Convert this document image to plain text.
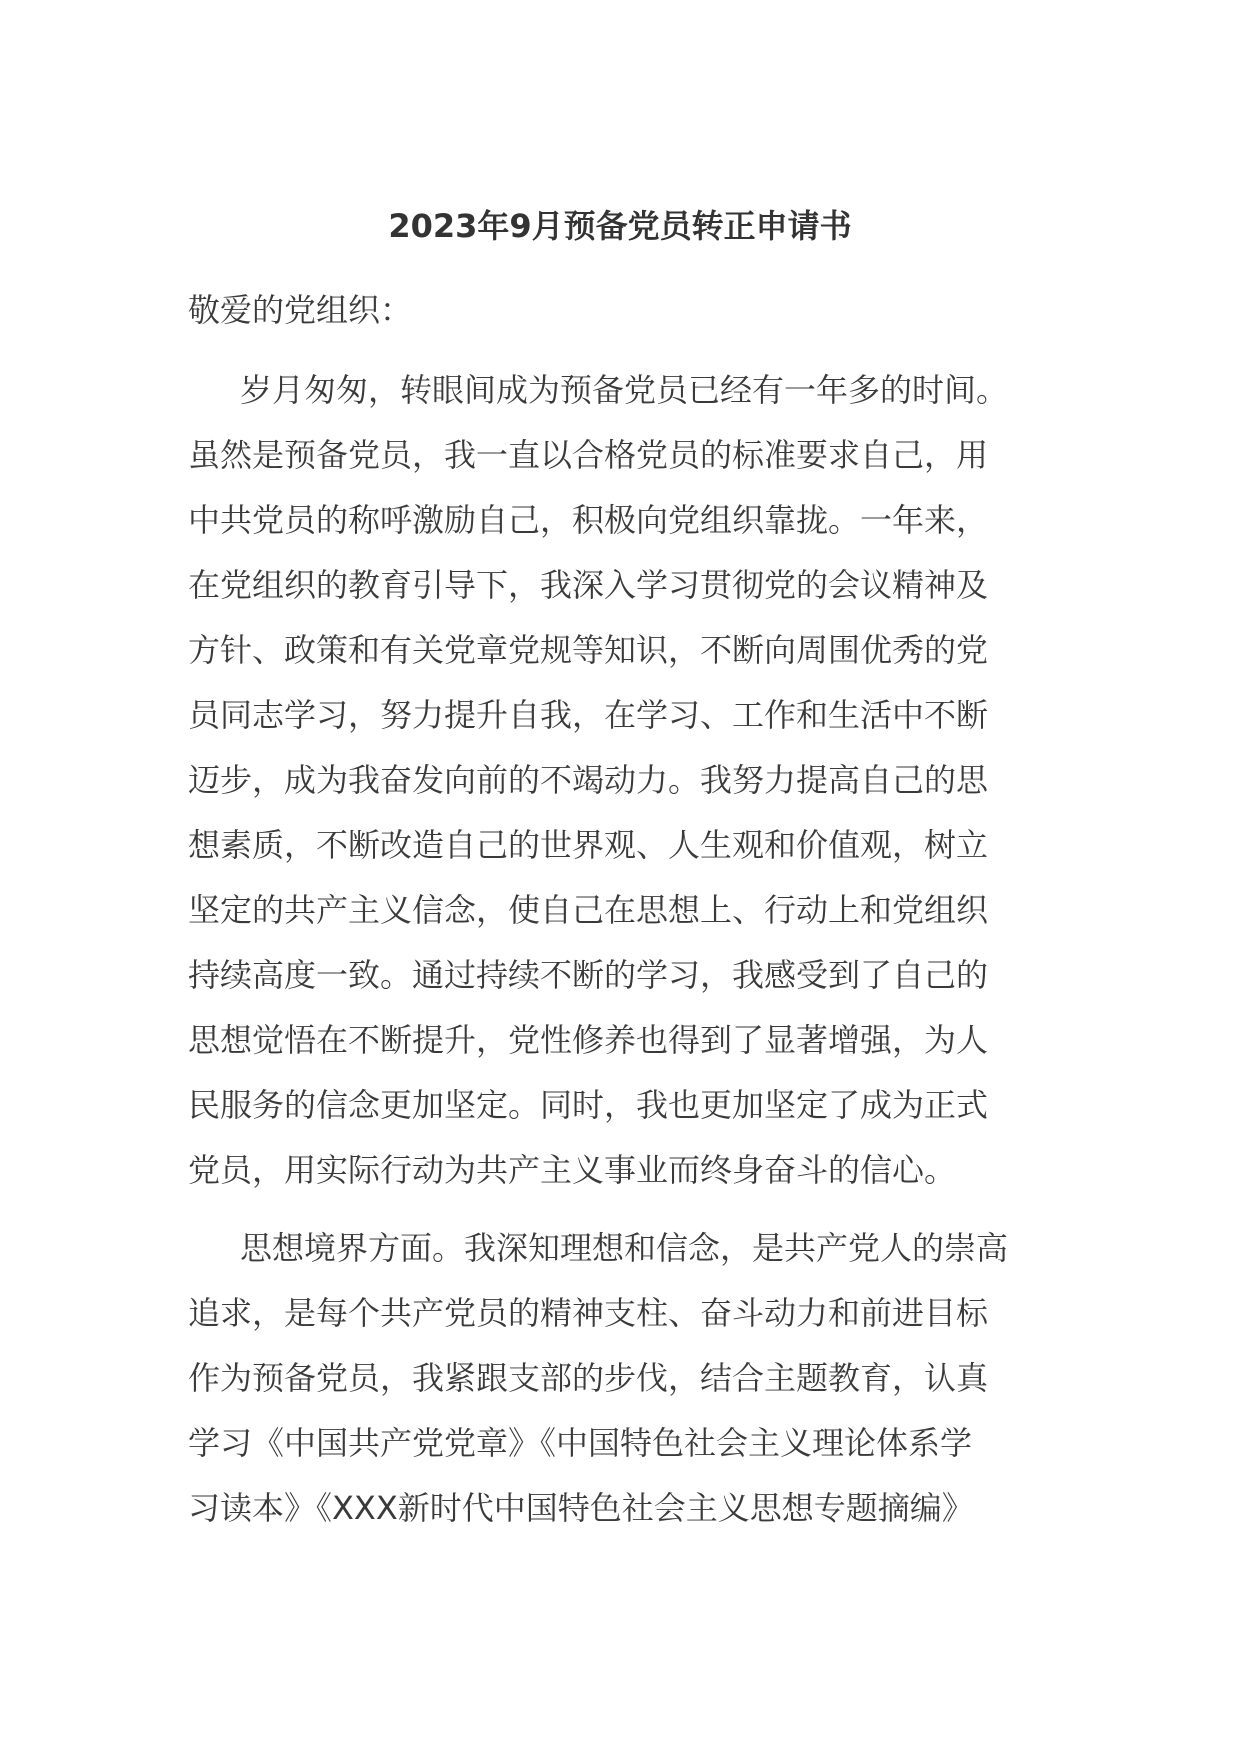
2023年9月预备党员转正申请书
敬爱的党组织：
岁月匆匆，转眼间成为预备党员已经有一年多的时间。
虽然是预备党员，我一直以合格党员的标准要求自己，用
中共党员的称呼激励自己，积极向党组织靠拢。一年来，
在党组织的教育引导下，我深入学习贯彻党的会议精神及
方针、政策和有关党章党规等知识，不断向周围优秀的党
员同志学习，努力提升自我，在学习、工作和生活中不断
迈步，成为我奋发向前的不竭动力。我努力提高自己的思
想素质，不断改造自己的世界观、人生观和价值观，树立
坚定的共产主义信念，使自己在思想上、行动上和党组织
持续高度一致。通过持续不断的学习，我感受到了自己的
思想觉悟在不断提升，党性修养也得到了显著增强，为人
民服务的信念更加坚定。同时，我也更加坚定了成为正式
党员，用实际行动为共产主义事业而终身奋斗的信心。
思想境界方面。我深知理想和信念，是共产党人的崇高
追求，是每个共产党员的精神支柱、奋斗动力和前进目标
作为预备党员，我紧跟支部的步伐，结合主题教育，认真
学习《中国共产党党章》《中国特色社会主义理论体系学
习读本》《XXX新时代中国特色社会主义思想专题摘编》
